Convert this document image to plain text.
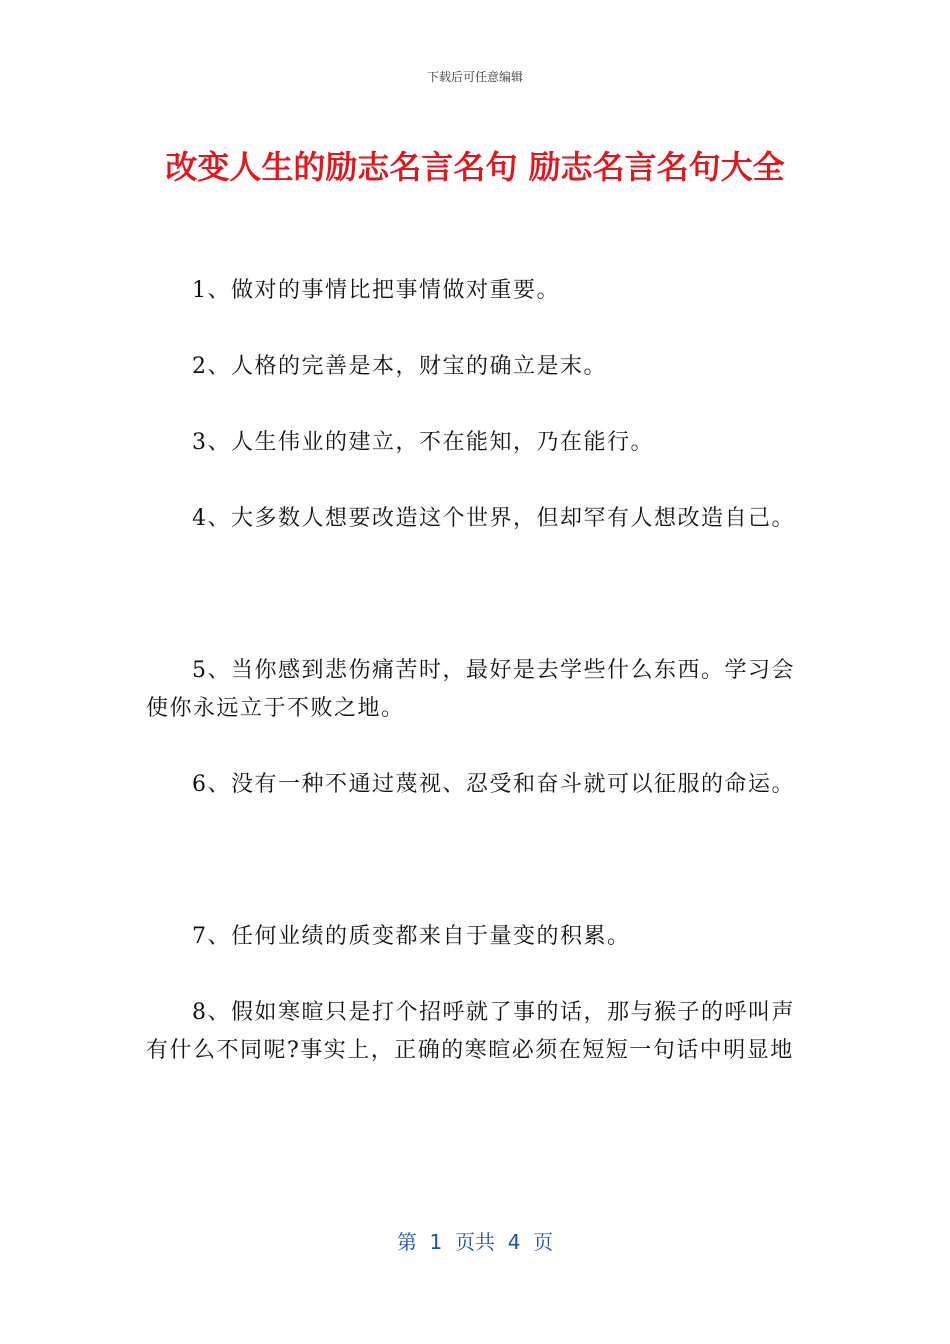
下载后可任意编辑
改变人生的励志名言名句 励志名言名句大全

1、做对的事情比把事情做对重要。

2、人格的完善是本，财宝的确立是末。

3、人生伟业的建立，不在能知，乃在能行。

4、大多数人想要改造这个世界，但却罕有人想改造自己。

5、当你感到悲伤痛苦时，最好是去学些什么东西。学习会使你永远立于不败之地。

6、没有一种不通过蔑视、忍受和奋斗就可以征服的命运。

7、任何业绩的质变都来自于量变的积累。

8、假如寒暄只是打个招呼就了事的话，那与猴子的呼叫声有什么不同呢?事实上，正确的寒暄必须在短短一句话中明显地

第  1  页共  4  页
